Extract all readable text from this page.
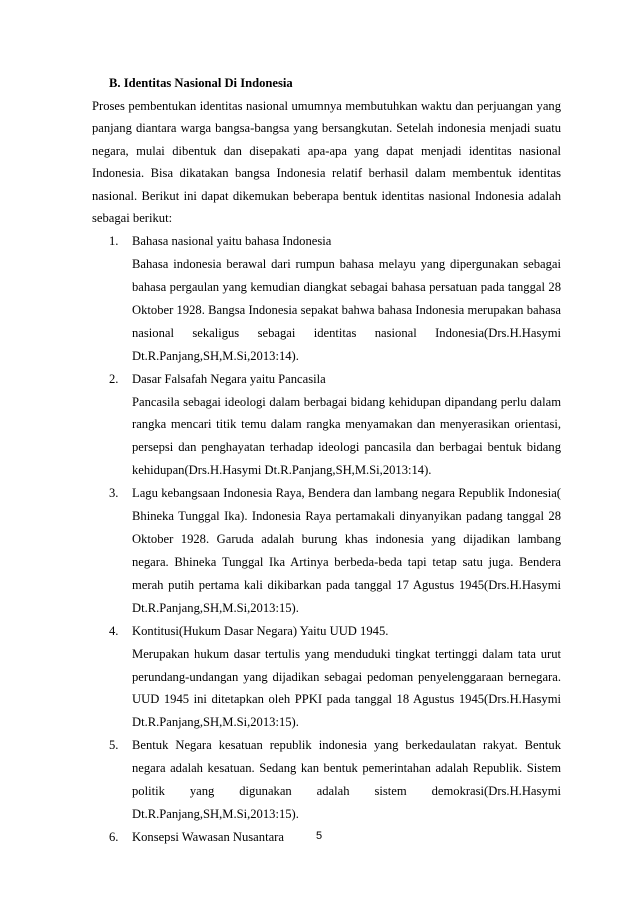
B. Identitas Nasional Di Indonesia
Proses pembentukan identitas nasional umumnya membutuhkan waktu dan perjuangan yang panjang diantara warga bangsa-bangsa yang bersangkutan. Setelah indonesia menjadi suatu negara, mulai dibentuk dan disepakati apa-apa yang dapat menjadi identitas nasional Indonesia. Bisa dikatakan bangsa Indonesia relatif berhasil dalam membentuk identitas nasional. Berikut ini dapat dikemukan beberapa bentuk identitas nasional Indonesia adalah sebagai berikut:
1. Bahasa nasional yaitu bahasa Indonesia
Bahasa indonesia berawal dari rumpun bahasa melayu yang dipergunakan sebagai bahasa pergaulan yang kemudian diangkat sebagai bahasa persatuan pada tanggal 28 Oktober 1928. Bangsa Indonesia sepakat bahwa bahasa Indonesia merupakan bahasa nasional sekaligus sebagai identitas nasional Indonesia(Drs.H.Hasymi Dt.R.Panjang,SH,M.Si,2013:14).
2. Dasar Falsafah Negara yaitu Pancasila
Pancasila sebagai ideologi dalam berbagai bidang kehidupan dipandang perlu dalam rangka mencari titik temu dalam rangka menyamakan dan menyerasikan orientasi, persepsi dan penghayatan terhadap ideologi pancasila dan berbagai bentuk bidang kehidupan(Drs.H.Hasymi Dt.R.Panjang,SH,M.Si,2013:14).
3. Lagu kebangsaan Indonesia Raya, Bendera dan lambang negara Republik Indonesia( Bhineka Tunggal Ika). Indonesia Raya pertamakali dinyanyikan padang tanggal 28 Oktober 1928. Garuda adalah burung khas indonesia yang dijadikan lambang negara. Bhineka Tunggal Ika Artinya berbeda-beda tapi tetap satu juga. Bendera merah putih pertama kali dikibarkan pada tanggal 17 Agustus 1945(Drs.H.Hasymi Dt.R.Panjang,SH,M.Si,2013:15).
4. Kontitusi(Hukum Dasar Negara) Yaitu UUD 1945.
Merupakan hukum dasar tertulis yang menduduki tingkat tertinggi dalam tata urut perundang-undangan yang dijadikan sebagai pedoman penyelenggaraan bernegara. UUD 1945 ini ditetapkan oleh PPKI pada tanggal 18 Agustus 1945(Drs.H.Hasymi Dt.R.Panjang,SH,M.Si,2013:15).
5. Bentuk Negara kesatuan republik indonesia yang berkedaulatan rakyat. Bentuk negara adalah kesatuan. Sedang kan bentuk pemerintahan adalah Republik. Sistem politik yang digunakan adalah sistem demokrasi(Drs.H.Hasymi Dt.R.Panjang,SH,M.Si,2013:15).
6. Konsepsi Wawasan Nusantara	5
